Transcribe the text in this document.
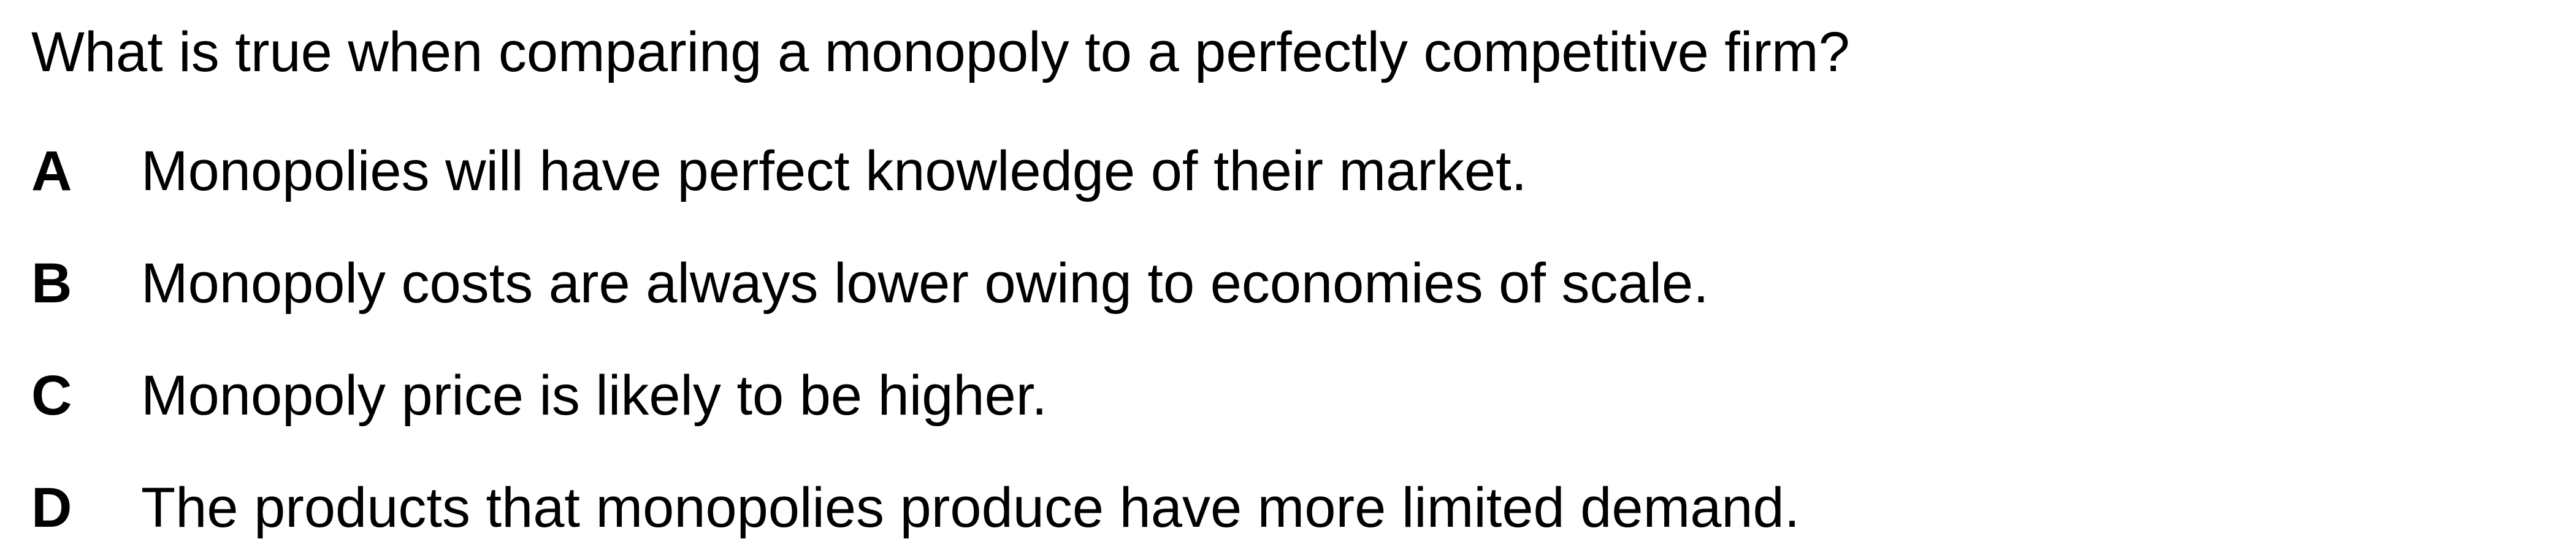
What is true when comparing a monopoly to a perfectly competitive firm?
A	Monopolies will have perfect knowledge of their market.
B	Monopoly costs are always lower owing to economies of scale.
C	Monopoly price is likely to be higher.
D	The products that monopolies produce have more limited demand.
